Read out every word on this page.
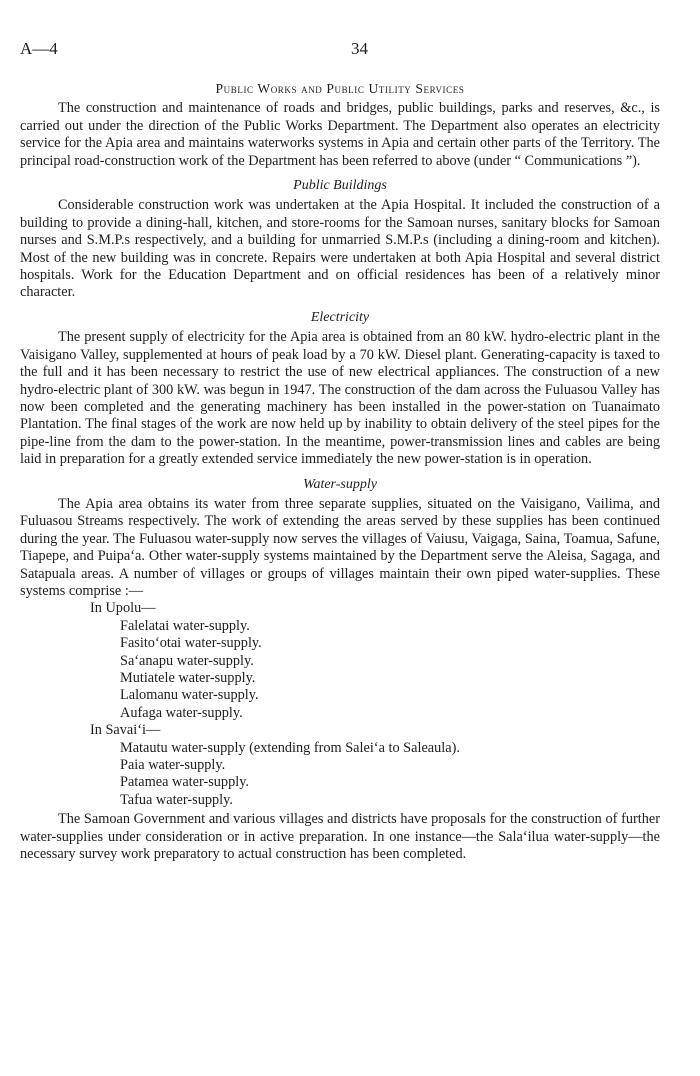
A—4	34
Public Works and Public Utility Services

The construction and maintenance of roads and bridges, public buildings, parks and reserves, &c., is carried out under the direction of the Public Works Department. The Department also operates an electricity service for the Apia area and maintains waterworks systems in Apia and certain other parts of the Territory. The principal road-construction work of the Department has been referred to above (under “ Communications ”).

Public Buildings

Considerable construction work was undertaken at the Apia Hospital. It included the construction of a building to provide a dining-hall, kitchen, and store-rooms for the Samoan nurses, sanitary blocks for Samoan nurses and S.M.P.s respectively, and a building for unmarried S.M.P.s (including a dining-room and kitchen). Most of the new building was in concrete. Repairs were undertaken at both Apia Hospital and several district hospitals. Work for the Education Department and on official residences has been of a relatively minor character.

Electricity

The present supply of electricity for the Apia area is obtained from an 80 kW. hydro-electric plant in the Vaisigano Valley, supplemented at hours of peak load by a 70 kW. Diesel plant. Generating-capacity is taxed to the full and it has been necessary to restrict the use of new electrical appliances. The construction of a new hydro-electric plant of 300 kW. was begun in 1947. The construction of the dam across the Fuluasou Valley has now been completed and the generating machinery has been installed in the power-station on Tuanaimato Plantation. The final stages of the work are now held up by inability to obtain delivery of the steel pipes for the pipe-line from the dam to the power-station. In the meantime, power-transmission lines and cables are being laid in preparation for a greatly extended service immediately the new power-station is in operation.

Water-supply

The Apia area obtains its water from three separate supplies, situated on the Vaisigano, Vailima, and Fuluasou Streams respectively. The work of extending the areas served by these supplies has been continued during the year. The Fuluasou water-supply now serves the villages of Vaiusu, Vaigaga, Saina, Toamua, Safune, Tiapepe, and Puipa‘a. Other water-supply systems maintained by the Department serve the Aleisa, Sagaga, and Satapuala areas. A number of villages or groups of villages maintain their own piped water-supplies. These systems comprise :—

In Upolu—
Falelatai water-supply.
Fasito‘otai water-supply.
Sa‘anapu water-supply.
Mutiatele water-supply.
Lalomanu water-supply.
Aufaga water-supply.
In Savai‘i—
Matautu water-supply (extending from Salei‘a to Saleaula).
Paia water-supply.
Patamea water-supply.
Tafua water-supply.

The Samoan Government and various villages and districts have proposals for the construction of further water-supplies under consideration or in active preparation. In one instance—the Sala‘ilua water-supply—the necessary survey work preparatory to actual construction has been completed.
